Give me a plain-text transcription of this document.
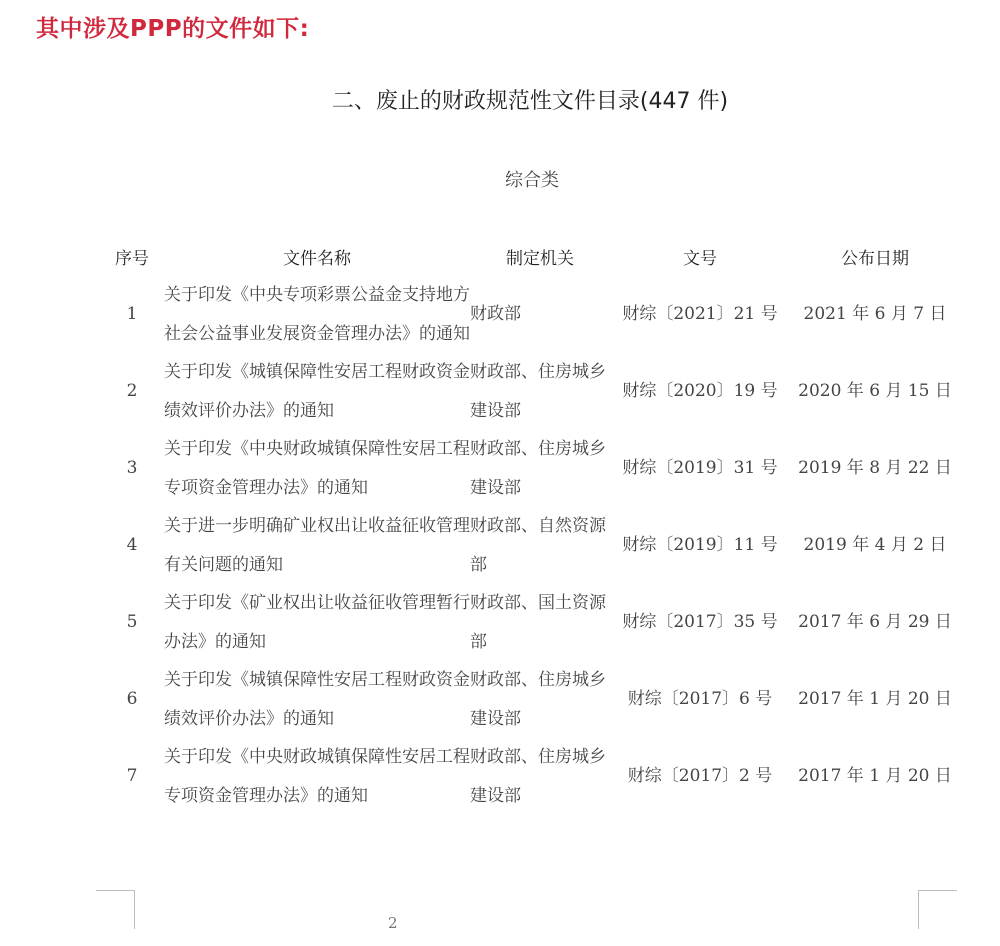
其中涉及PPP的文件如下:
二、废止的财政规范性文件目录(447 件)
综合类
序号	文件名称	制定机关	文号	公布日期
1	关于印发《中央专项彩票公益金支持地方社会公益事业发展资金管理办法》的通知	财政部	财综〔2021〕21 号	2021 年 6 月 7 日
2	关于印发《城镇保障性安居工程财政资金绩效评价办法》的通知	财政部、住房城乡建设部	财综〔2020〕19 号	2020 年 6 月 15 日
3	关于印发《中央财政城镇保障性安居工程专项资金管理办法》的通知	财政部、住房城乡建设部	财综〔2019〕31 号	2019 年 8 月 22 日
4	关于进一步明确矿业权出让收益征收管理有关问题的通知	财政部、自然资源部	财综〔2019〕11 号	2019 年 4 月 2 日
5	关于印发《矿业权出让收益征收管理暂行办法》的通知	财政部、国土资源部	财综〔2017〕35 号	2017 年 6 月 29 日
6	关于印发《城镇保障性安居工程财政资金绩效评价办法》的通知	财政部、住房城乡建设部	财综〔2017〕6 号	2017 年 1 月 20 日
7	关于印发《中央财政城镇保障性安居工程专项资金管理办法》的通知	财政部、住房城乡建设部	财综〔2017〕2 号	2017 年 1 月 20 日
2
